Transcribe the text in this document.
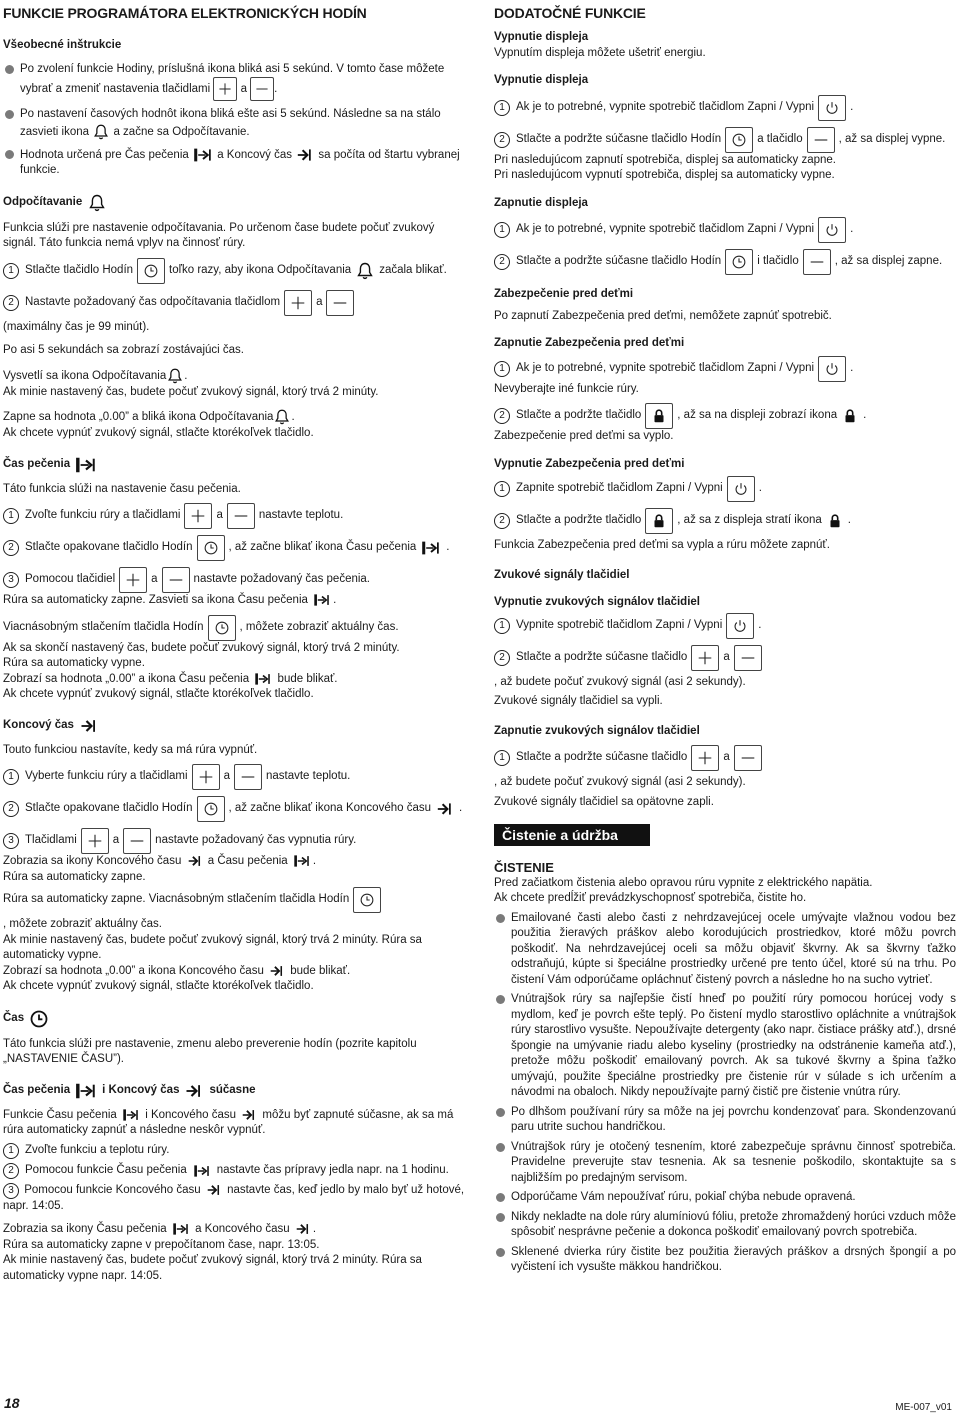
FUNKCIE PROGRAMÁTORA ELEKTRONICKÝCH HODÍN
Všeobecné inštrukcie

Po zvolení funkcie Hodiny, príslušná ikona bliká asi 5 sekúnd. V tomto čase môžete vybrať a zmeniť nastavenia tlačidlami	a .

Po nastavení časových hodnôt ikona bliká ešte asi 5 sekúnd. Následne sa na stálo zasvieti ikona a začne sa Odpočítavanie.

Hodnota určená pre Čas pečenia a Koncový čas sa počíta od štartu vybranej funkcie.

Odpočítavanie

Funkcia slúži pre nastavenie odpočítavania. Po určenom čase budete počuť zvukový signál. Táto funkcia nemá vplyv na činnosť rúry.

1 Stlačte tlačidlo Hodín	toľko razy, aby ikona Odpočítavania začala blikať.
2 Nastavte požadovaný čas odpočítavania tlačidlom	a
(maximálny čas je 99 minút).

Po asi 5 sekundách sa zobrazí zostávajúci čas.

Vysvetlí sa ikona Odpočítavania .

Ak minie nastavený čas, budete počuť zvukový signál, ktorý trvá 2 minúty.

Zapne sa hodnota „0.00” a bliká ikona Odpočítavania .

Ak chcete vypnúť zvukový signál, stlačte ktorékoľvek tlačidlo.

Čas pečenia

Táto funkcia slúži na nastavenie času pečenia.

1 Zvoľte funkciu rúry a tlačidlami	a	nastavte teplotu.
2 Stlačte opakovane tlačidlo Hodín	, až začne blikať ikona Času pečenia	.
3 Pomocou tlačidiel	a	nastavte požadovaný čas pečenia.

Rúra sa automaticky zapne. Zasvieti sa ikona Času pečenia .

Viacnásobným stlačením tlačidla Hodín	, môžete zobraziť aktuálny čas.

Ak sa skončí nastavený čas, budete počuť zvukový signál, ktorý trvá 2 minúty.

Rúra sa automaticky vypne.

Zobrazí sa hodnota „0.00” a ikona Času pečenia bude blikať.

Ak chcete vypnúť zvukový signál, stlačte ktorékoľvek tlačidlo.

Koncový čas

Touto funkciou nastavíte, kedy sa má rúra vypnúť.

1 Vyberte funkciu rúry a tlačidlami	a	nastavte teplotu.
2 Stlačte opakovane tlačidlo Hodín	, až začne blikať ikona Koncového času .
3 Tlačidlami	a	nastavte požadovaný čas vypnutia rúry.

Zobrazia sa ikony Koncového času a Času pečenia .

Rúra sa automaticky zapne.

Rúra sa automaticky zapne. Viacnásobným stlačením tlačidla Hodín
, môžete zobraziť aktuálny čas.

Ak minie nastavený čas, budete počuť zvukový signál, ktorý trvá 2 minúty. Rúra sa automaticky vypne.

Zobrazí sa hodnota „0.00” a ikona Koncového času bude blikať.

Ak chcete vypnúť zvukový signál, stlačte ktorékoľvek tlačidlo.

Čas

Táto funkcia slúži pre nastavenie, zmenu alebo preverenie hodín (pozrite kapitolu „NASTAVENIE ČASU”).

Čas pečenia	i Koncový čas	súčasne

Funkcie Času pečenia i Koncového času môžu byť zapnuté súčasne, ak sa má rúra automaticky zapnúť a následne neskôr vypnúť.

1 Zvoľte funkciu a teplotu rúry.
2 Pomocou funkcie Času pečenia	nastavte čas prípravy jedla napr. na 1 hodinu.

3 Pomocou funkcie Koncového času nastavte čas, keď jedlo by malo byť už hotové, napr. 14:05.

Zobrazia sa ikony Času pečenia a Koncového času .

Rúra sa automaticky zapne v prepočítanom čase, napr. 13:05.

Ak minie nastavený čas, budete počuť zvukový signál, ktorý trvá 2 minúty. Rúra sa automaticky vypne napr. 14:05.

DODATOČNÉ FUNKCIE
Vypnutie displeja

Vypnutím displeja môžete ušetriť energiu.

Vypnutie displeja
1 Ak je to potrebné, vypnite spotrebič tlačidlom Zapni / Vypni	.
2 Stlačte a podržte súčasne tlačidlo Hodín	a tlačidlo	, až sa displej vypne.

Pri nasledujúcom zapnutí spotrebiča, displej sa automaticky zapne.

Pri nasledujúcom vypnutí spotrebiča, displej sa automaticky vypne.

Zapnutie displeja
1 Ak je to potrebné, vypnite spotrebič tlačidlom Zapni / Vypni	.
2 Stlačte a podržte súčasne tlačidlo Hodín	i tlačidlo	, až sa displej zapne.
Zabezpečenie pred deťmi

Po zapnutí Zabezpečenia pred deťmi, nemôžete zapnúť spotrebič.

Zapnutie Zabezpečenia pred deťmi
1 Ak je to potrebné, vypnite spotrebič tlačidlom Zapni / Vypni	.

Nevyberajte iné funkcie rúry.

2 Stlačte a podržte tlačidlo	, až sa na displeji zobrazí ikona .

Zabezpečenie pred deťmi sa vyplo.

Vypnutie Zabezpečenia pred deťmi
1 Zapnite spotrebič tlačidlom Zapni / Vypni	.
2 Stlačte a podržte tlačidlo	, až sa z displeja stratí ikona .

Funkcia Zabezpečenia pred deťmi sa vypla a rúru môžete zapnúť.

Zvukové signály tlačidiel
Vypnutie zvukových signálov tlačidiel
1 Vypnite spotrebič tlačidlom Zapni / Vypni	.
2 Stlačte a podržte súčasne tlačidlo	a
, až budete počuť zvukový signál (asi 2 sekundy).

Zvukové signály tlačidiel sa vypli.

Zapnutie zvukových signálov tlačidiel
1 Stlačte a podržte súčasne tlačidlo	a
, až budete počuť zvukový signál (asi 2 sekundy).

Zvukové signály tlačidiel sa opätovne zapli.

Čistenie a údržba
ČISTENIE

Pred začiatkom čistenia alebo opravou rúru vypnite z elektrického napätia.

Ak chcete predĺžiť prevádzkyschopnosť spotrebiča, čistite ho.

Emailované časti alebo časti z nehrdzavejúcej ocele umývajte vlažnou vodou bez použitia žieravých práškov alebo korodujúcich prostriedkov, ktoré môžu povrch poškodiť. Na nehrdzavejúcej oceli sa môžu objaviť škvrny. Ak sa škvrny ťažko odstraňujú, kúpte si špeciálne prostriedky určené pre tento účel, ktoré sú na trhu. Po čistení Vám odporúčame opláchnuť čistený povrch a následne ho na sucho vytrieť.

Vnútrajšok rúry sa najľepšie čistí hneď po použití rúry pomocou horúcej vody s mydlom, keď je povrch ešte teplý. Po čistení mydlo starostlivo opláchnite a vnútrajšok rúry starostlivo vysušte. Nepoužívajte detergenty (ako napr. čistiace prášky atď.), drsné špongie na umývanie riadu alebo kyseliny (prostriedky na odstránenie kameňa atď.), pretože môžu poškodiť emailovaný povrch. Ak sa tukové škvrny a špina ťažko umývajú, použite špeciálne prostriedky pre čistenie rúr v súlade s ich určením a návodmi na obaloch. Nikdy nepoužívajte parný čistič pre čistenie vnútra rúry.

Po dlhšom používaní rúry sa môže na jej povrchu kondenzovať para. Skondenzovanú paru utrite suchou handričkou.

Vnútrajšok rúry je otočený tesnením, ktoré zabezpečuje správnu činnosť spotrebiča. Pravidelne preverujte stav tesnenia. Ak sa tesnenie poškodilo, skontaktujte sa s najbližším po predajným servisom.

Odporúčame Vám nepoužívať rúru, pokiaľ chýba nebude opravená.

Nikdy nekladte na dole rúry alumíniovú fóliu, pretože zhromaždený horúci vzduch môže spôsobiť nesprávne pečenie a dokonca poškodiť emailovaný povrch spotrebiča.

Sklenené dvierka rúry čistite bez použitia žieravých práškov a drsných špongií a po vyčistení ich vysušte mäkkou handričkou.

18	ME-007_v01
